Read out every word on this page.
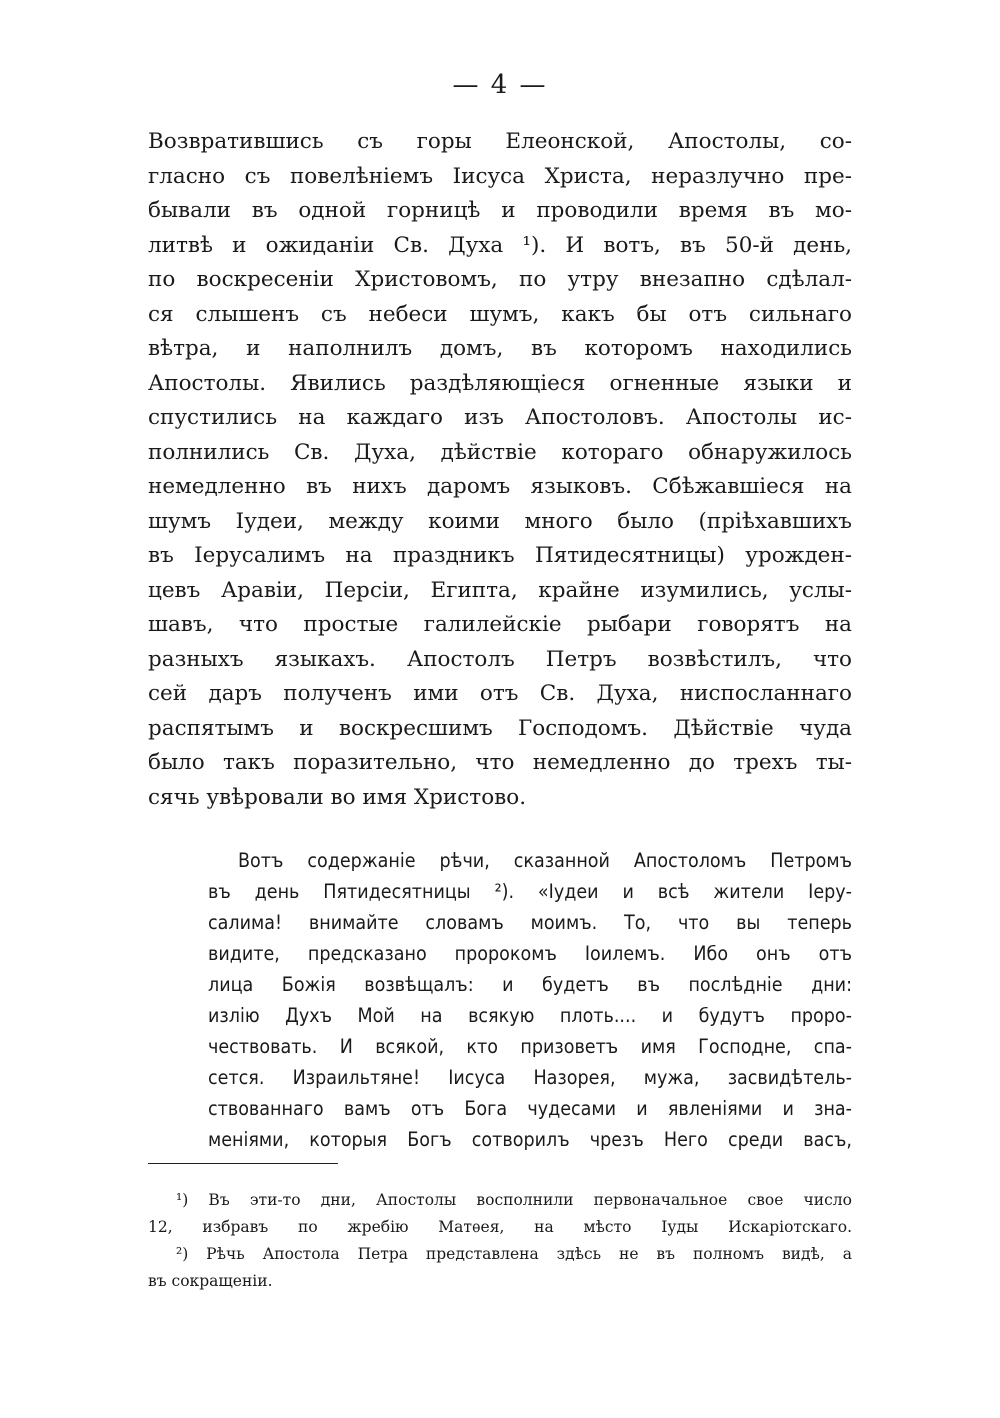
— 4 —
Возвратившись съ горы Елеонской, Апостолы, со-
гласно съ повелѣніемъ Іисуса Христа, неразлучно пре-
бывали въ одной горницѣ и проводили время въ мо-
литвѣ и ожиданіи Св. Духа ¹). И вотъ, въ 50-й день,
по воскресеніи Христовомъ, по утру внезапно сдѣлал-
ся слышенъ съ небеси шумъ, какъ бы отъ сильнаго
вѣтра, и наполнилъ домъ, въ которомъ находились
Апостолы. Явились раздѣляющіеся огненные языки и
спустились на каждаго изъ Апостоловъ. Апостолы ис-
полнились Св. Духа, дѣйствіе котораго обнаружилось
немедленно въ нихъ даромъ языковъ. Сбѣжавшіеся на
шумъ Іудеи, между коими много было (пріѣхавшихъ
въ Іерусалимъ на праздникъ Пятидесятницы) урожден-
цевъ Аравіи, Персіи, Египта, крайне изумились, услы-
шавъ, что простые галилейскіе рыбари говорятъ на
разныхъ языкахъ. Апостолъ Петръ возвѣстилъ, что
сей даръ полученъ ими отъ Св. Духа, ниспосланнаго
распятымъ и воскресшимъ Господомъ. Дѣйствіе чуда
было такъ поразительно, что немедленно до трехъ ты-
сячь увѣровали во имя Христово.
Вотъ содержаніе рѣчи, сказанной Апостоломъ Петромъ
въ день Пятидесятницы ²). «Іудеи и всѣ жители Іеру-
салима! внимайте словамъ моимъ. То, что вы теперь
видите, предсказано пророкомъ Іоилемъ. Ибо онъ отъ
лица Божія возвѣщалъ: и будетъ въ послѣдніе дни:
излію Духъ Мой на всякую плоть.... и будутъ проро-
чествовать. И всякой, кто призоветъ имя Господне, спа-
сется. Израильтяне! Іисуса Назорея, мужа, засвидѣтель-
ствованнаго вамъ отъ Бога чудесами и явленіями и зна-
меніями, которыя Богъ сотворилъ чрезъ Него среди васъ,
¹) Въ эти-то дни, Апостолы восполнили первоначальное свое число
12, избравъ по жребію Матѳея, на мѣсто Іуды Искаріотскаго.
²) Рѣчь Апостола Петра представлена здѣсь не въ полномъ видѣ, а
въ сокращеніи.
